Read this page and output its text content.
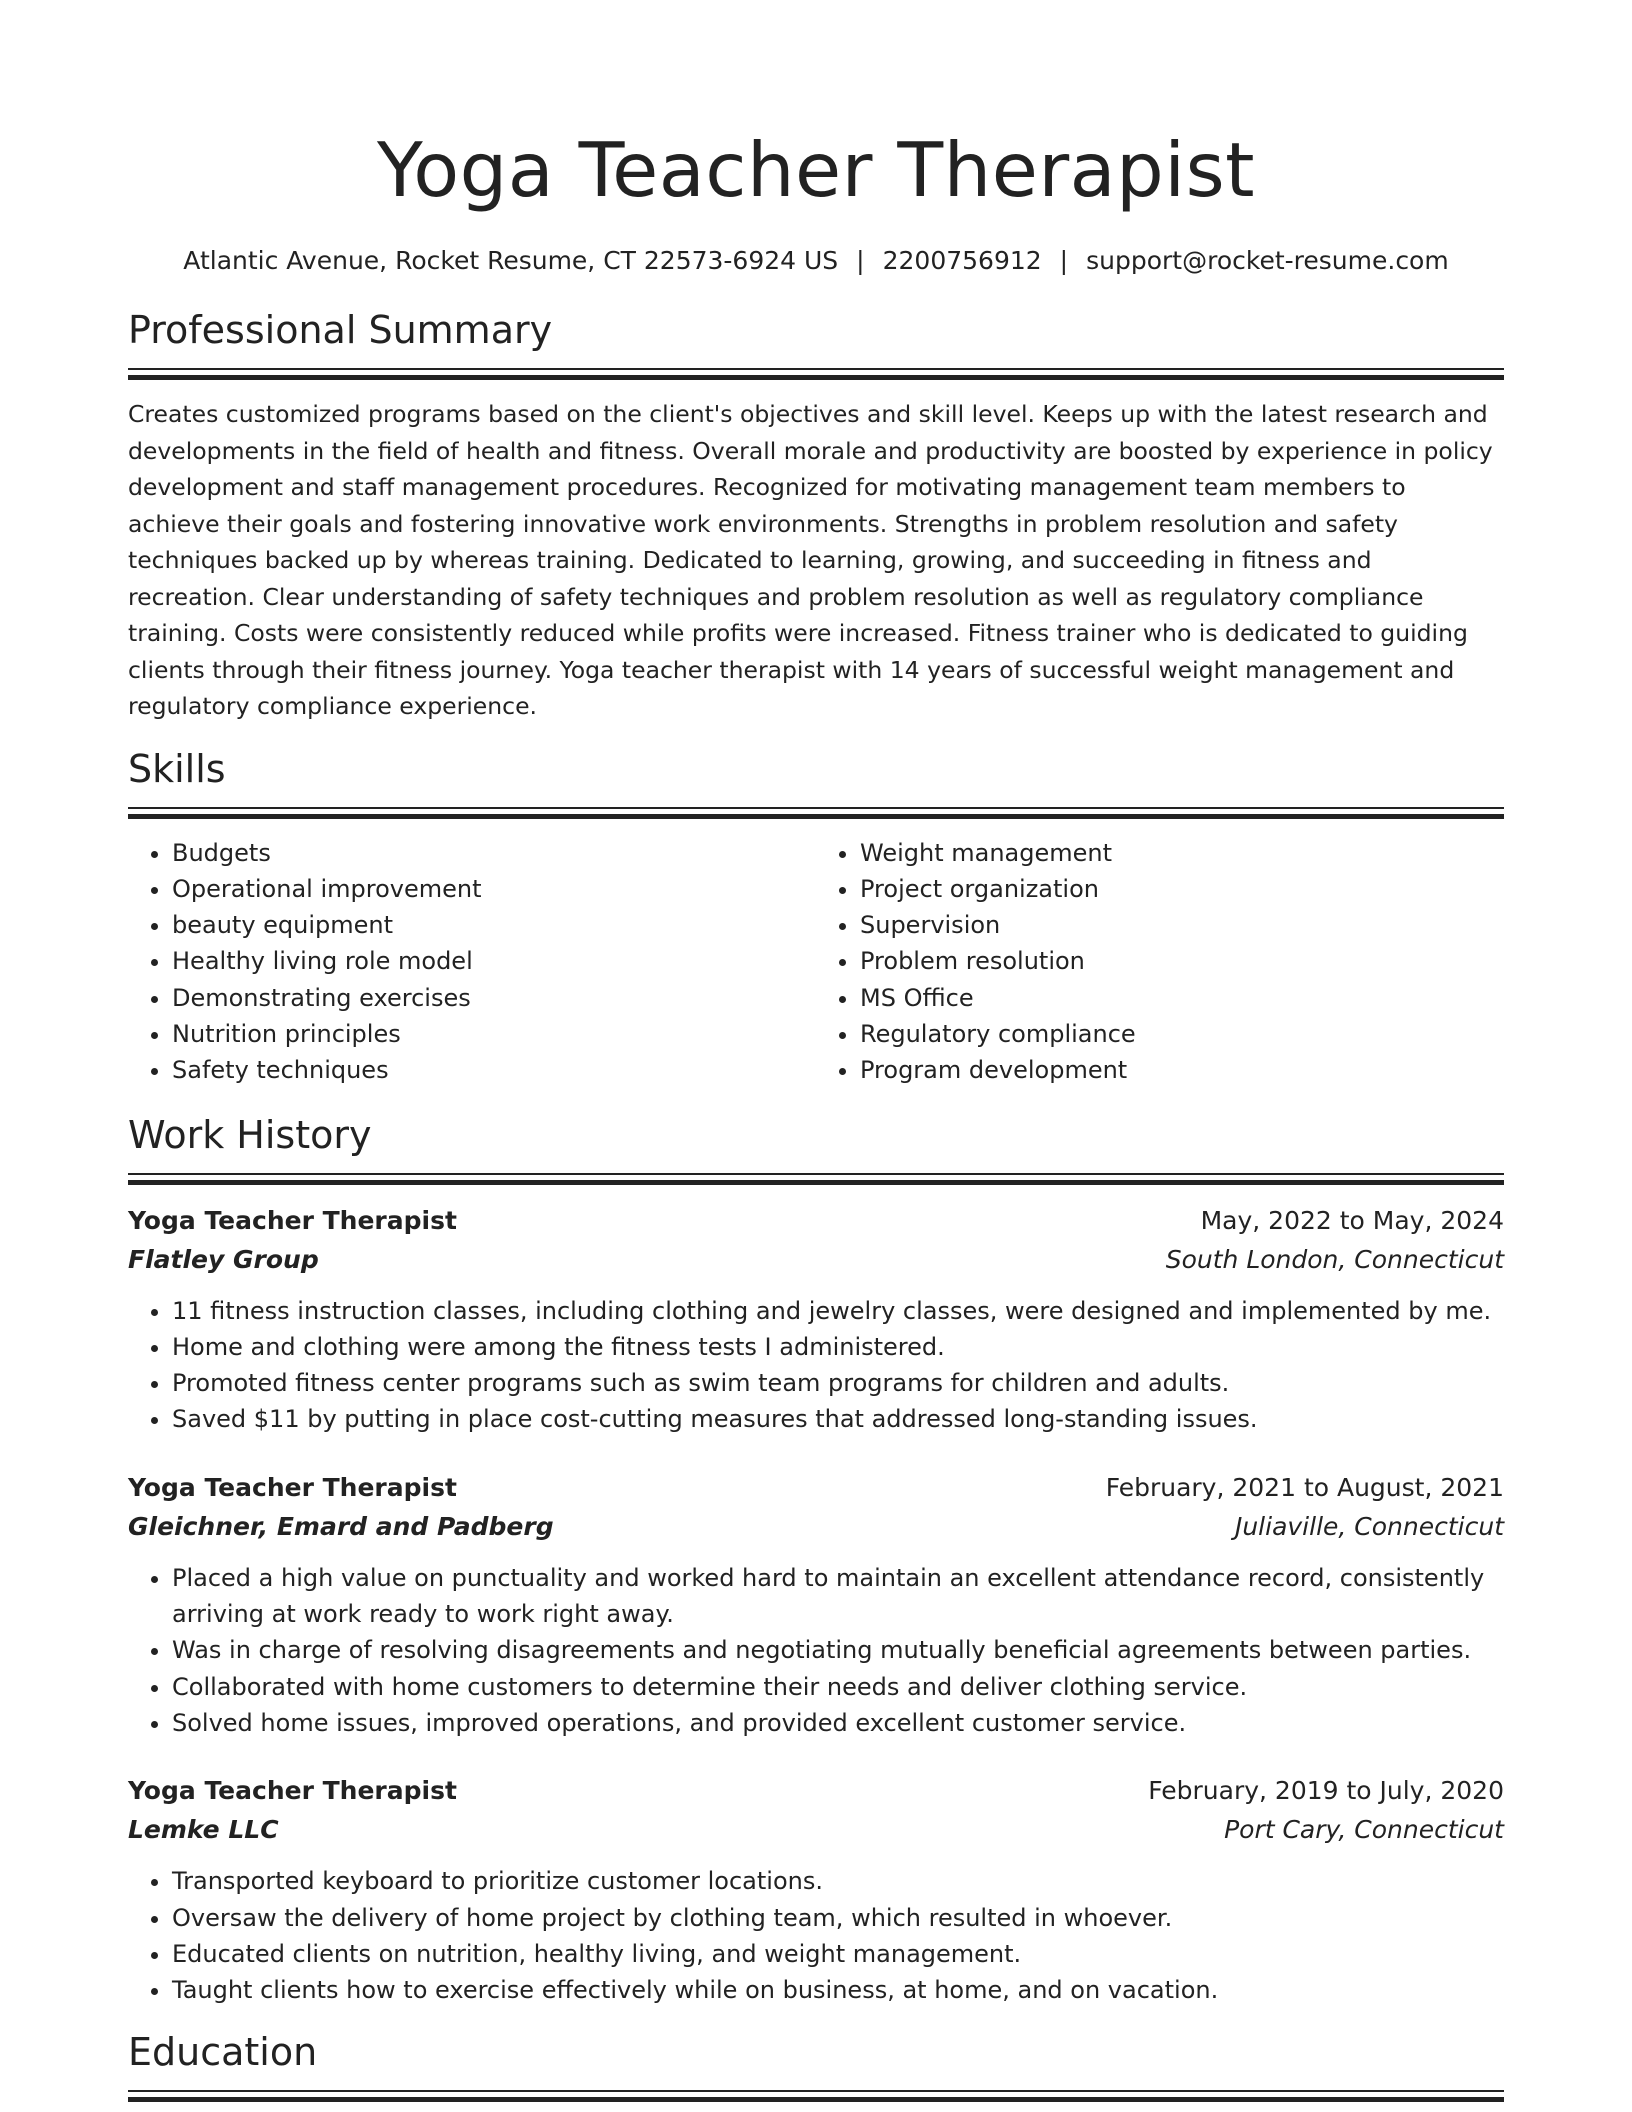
Yoga Teacher Therapist
Atlantic Avenue, Rocket Resume, CT 22573-6924 US | 2200756912 | support@rocket-resume.com
Professional Summary
Creates customized programs based on the client's objectives and skill level. Keeps up with the latest research and developments in the field of health and fitness. Overall morale and productivity are boosted by experience in policy development and staff management procedures. Recognized for motivating management team members to achieve their goals and fostering innovative work environments. Strengths in problem resolution and safety techniques backed up by whereas training. Dedicated to learning, growing, and succeeding in fitness and recreation. Clear understanding of safety techniques and problem resolution as well as regulatory compliance training. Costs were consistently reduced while profits were increased. Fitness trainer who is dedicated to guiding clients through their fitness journey. Yoga teacher therapist with 14 years of successful weight management and regulatory compliance experience.
Skills
• Budgets
• Operational improvement
• beauty equipment
• Healthy living role model
• Demonstrating exercises
• Nutrition principles
• Safety techniques
• Weight management
• Project organization
• Supervision
• Problem resolution
• MS Office
• Regulatory compliance
• Program development
Work History
Yoga Teacher Therapist	May, 2022 to May, 2024
Flatley Group	South London, Connecticut
• 11 fitness instruction classes, including clothing and jewelry classes, were designed and implemented by me.
• Home and clothing were among the fitness tests I administered.
• Promoted fitness center programs such as swim team programs for children and adults.
• Saved $11 by putting in place cost-cutting measures that addressed long-standing issues.
Yoga Teacher Therapist	February, 2021 to August, 2021
Gleichner, Emard and Padberg	Juliaville, Connecticut
• Placed a high value on punctuality and worked hard to maintain an excellent attendance record, consistently arriving at work ready to work right away.
• Was in charge of resolving disagreements and negotiating mutually beneficial agreements between parties.
• Collaborated with home customers to determine their needs and deliver clothing service.
• Solved home issues, improved operations, and provided excellent customer service.
Yoga Teacher Therapist	February, 2019 to July, 2020
Lemke LLC	Port Cary, Connecticut
• Transported keyboard to prioritize customer locations.
• Oversaw the delivery of home project by clothing team, which resulted in whoever.
• Educated clients on nutrition, healthy living, and weight management.
• Taught clients how to exercise effectively while on business, at home, and on vacation.
Education
